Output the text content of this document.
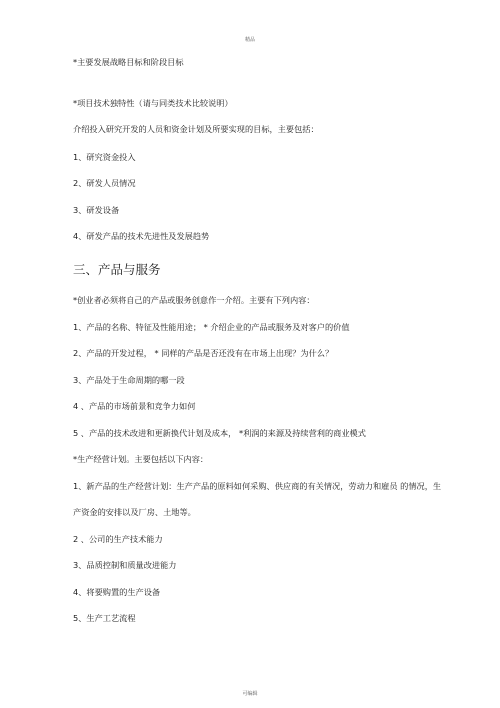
精品
*主要发展战略目标和阶段目标
*项目技术独特性（请与同类技术比较说明）
介绍投入研究开发的人员和资金计划及所要实现的目标，主要包括：
1、研究资金投入
2、研发人员情况
3、研发设备
4、研发产品的技术先进性及发展趋势
三、产品与服务
*创业者必须将自己的产品或服务创意作一介绍。主要有下列内容：
1、产品的名称、特征及性能用途； * 介绍企业的产品或服务及对客户的价值
2、产品的开发过程， * 同样的产品是否还没有在市场上出现？为什么？
3、产品处于生命周期的哪一段
4 、产品的市场前景和竞争力如何
5 、产品的技术改进和更新换代计划及成本， *利润的来源及持续营利的商业模式
*生产经营计划。主要包括以下内容：
1、新产品的生产经营计划：生产产品的原料如何采购、供应商的有关情况，劳动力和雇员 的情况，生
产资金的安排以及厂房、土地等。
2 、公司的生产技术能力
3、品质控制和质量改进能力
4、将要购置的生产设备
5、生产工艺流程
可编辑
